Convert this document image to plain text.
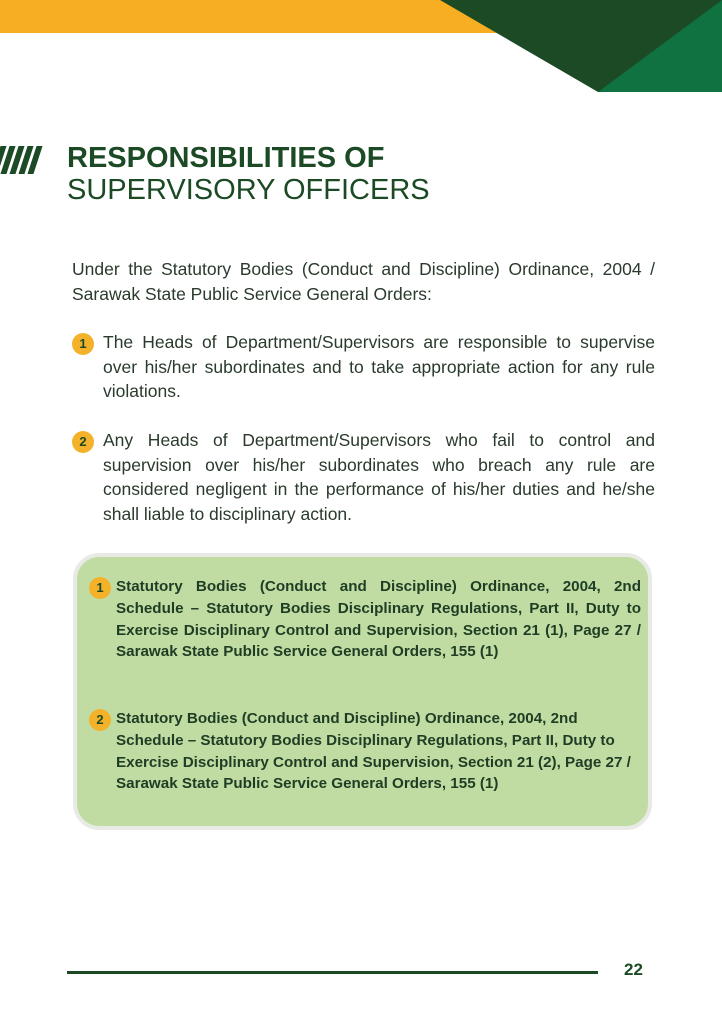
RESPONSIBILITIES OF
SUPERVISORY OFFICERS
Under the Statutory Bodies (Conduct and Discipline) Ordinance, 2004 / Sarawak State Public Service General Orders:
1 The Heads of Department/Supervisors are responsible to supervise over his/her subordinates and to take appropriate action for any rule violations.
2 Any Heads of Department/Supervisors who fail to control and supervision over his/her subordinates who breach any rule are considered negligent in the performance of his/her duties and he/she shall liable to disciplinary action.
1 Statutory Bodies (Conduct and Discipline) Ordinance, 2004, 2nd Schedule – Statutory Bodies Disciplinary Regulations, Part II, Duty to Exercise Disciplinary Control and Supervision, Section 21 (1), Page 27 / Sarawak State Public Service General Orders, 155 (1)
2 Statutory Bodies (Conduct and Discipline) Ordinance, 2004, 2nd Schedule – Statutory Bodies Disciplinary Regulations, Part II, Duty to Exercise Disciplinary Control and Supervision, Section 21 (2), Page 27 / Sarawak State Public Service General Orders, 155 (1)
22
